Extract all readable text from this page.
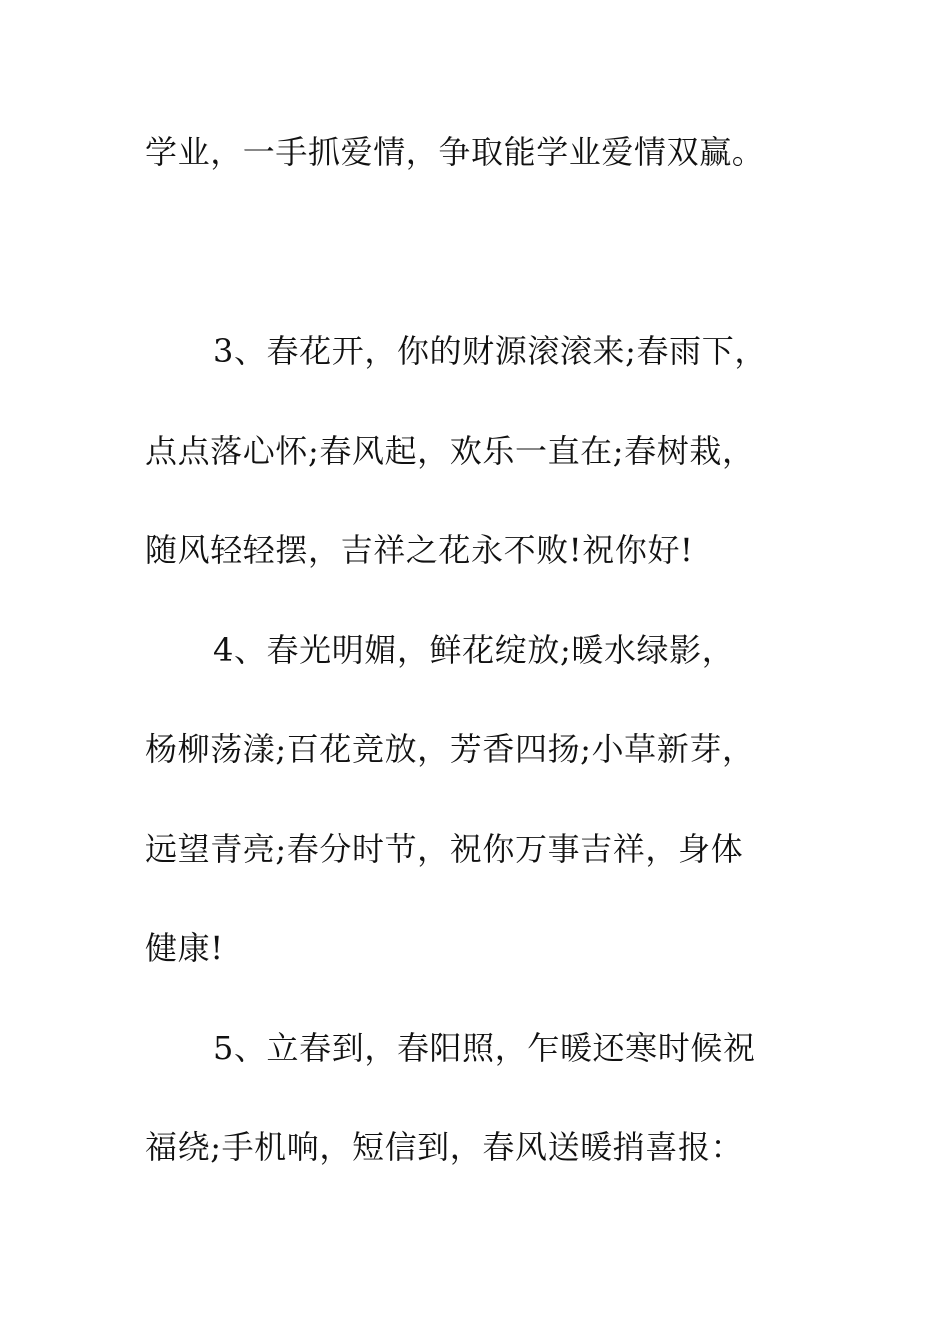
学业，一手抓爱情，争取能学业爱情双赢。
3、春花开，你的财源滚滚来;春雨下，
点点落心怀;春风起，欢乐一直在;春树栽，
随风轻轻摆，吉祥之花永不败!祝你好!
4、春光明媚，鲜花绽放;暖水绿影，
杨柳荡漾;百花竞放，芳香四扬;小草新芽，
远望青亮;春分时节，祝你万事吉祥，身体
健康!
5、立春到，春阳照，乍暖还寒时候祝
福绕;手机响，短信到，春风送暖捎喜报：
